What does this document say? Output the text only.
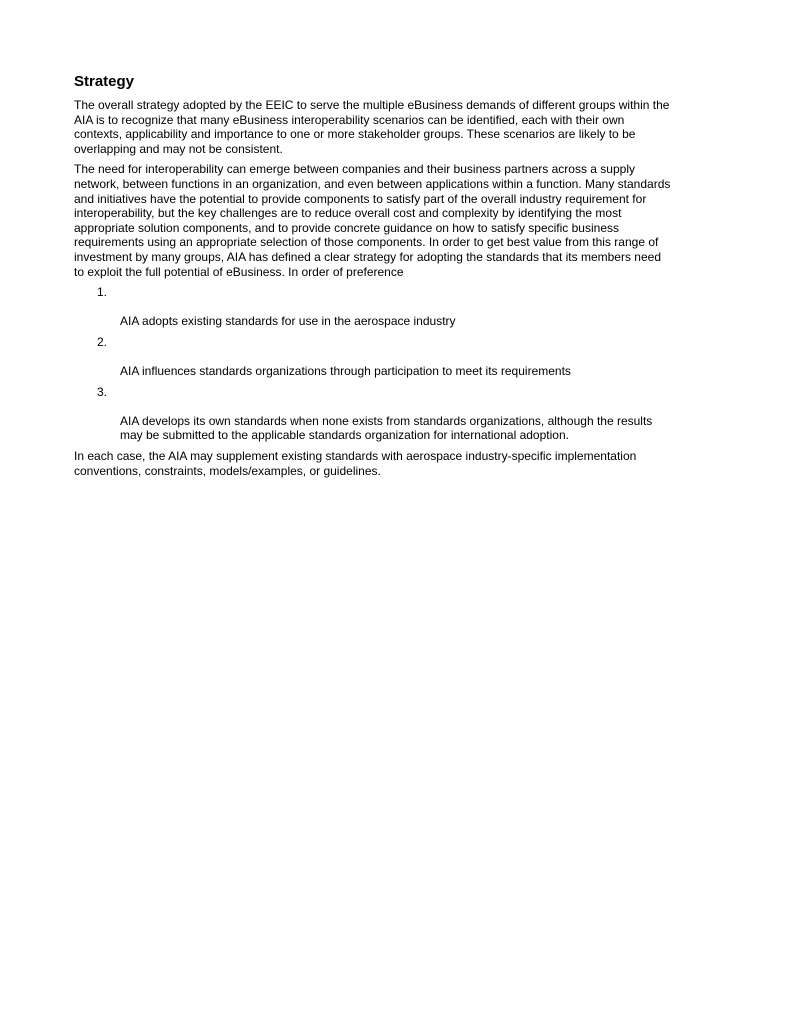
Strategy

The overall strategy adopted by the EEIC to serve the multiple eBusiness demands of different groups within the
AIA is to recognize that many eBusiness interoperability scenarios can be identified, each with their own
contexts, applicability and importance to one or more stakeholder groups. These scenarios are likely to be
overlapping and may not be consistent.

The need for interoperability can emerge between companies and their business partners across a supply
network, between functions in an organization, and even between applications within a function. Many standards
and initiatives have the potential to provide components to satisfy part of the overall industry requirement for
interoperability, but the key challenges are to reduce overall cost and complexity by identifying the most
appropriate solution components, and to provide concrete guidance on how to satisfy specific business
requirements using an appropriate selection of those components. In order to get best value from this range of
investment by many groups, AIA has defined a clear strategy for adopting the standards that its members need
to exploit the full potential of eBusiness. In order of preference

1.

AIA adopts existing standards for use in the aerospace industry

2.

AIA influences standards organizations through participation to meet its requirements

3.

AIA develops its own standards when none exists from standards organizations, although the results
may be submitted to the applicable standards organization for international adoption.

In each case, the AIA may supplement existing standards with aerospace industry-specific implementation
conventions, constraints, models/examples, or guidelines.
